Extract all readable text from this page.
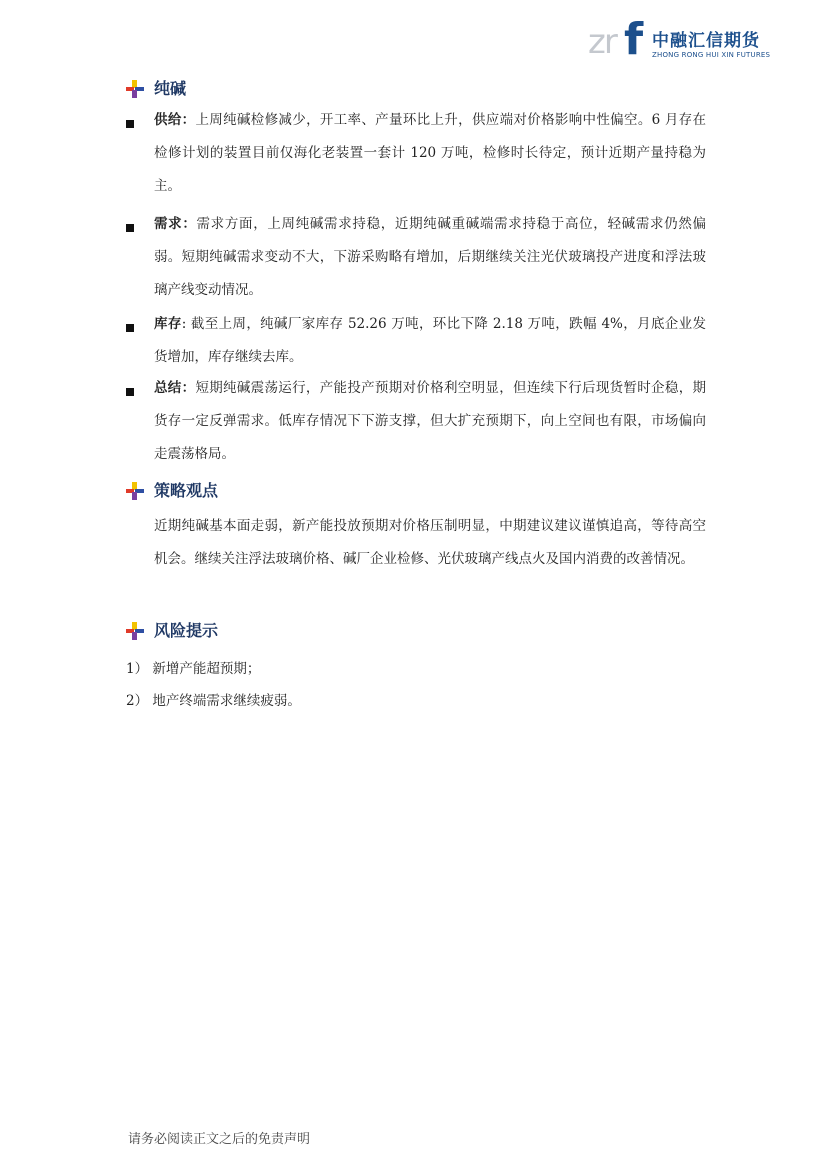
zr f 中融汇信期货
ZHONG RONG HUI XIN FUTURES
纯碱
供给：上周纯碱检修减少，开工率、产量环比上升，供应端对价格影响中性偏空。6 月存在检修计划的装置目前仅海化老装置一套计 120 万吨，检修时长待定，预计近期产量持稳为主。
需求：需求方面，上周纯碱需求持稳，近期纯碱重碱端需求持稳于高位，轻碱需求仍然偏弱。短期纯碱需求变动不大，下游采购略有增加，后期继续关注光伏玻璃投产进度和浮法玻璃产线变动情况。
库存: 截至上周，纯碱厂家库存 52.26 万吨，环比下降 2.18 万吨，跌幅 4%，月底企业发货增加，库存继续去库。
总结：短期纯碱震荡运行，产能投产预期对价格利空明显，但连续下行后现货暂时企稳，期货存一定反弹需求。低库存情况下下游支撑，但大扩充预期下，向上空间也有限，市场偏向走震荡格局。
策略观点
近期纯碱基本面走弱，新产能投放预期对价格压制明显，中期建议建议谨慎追高，等待高空机会。继续关注浮法玻璃价格、碱厂企业检修、光伏玻璃产线点火及国内消费的改善情况。
风险提示
1） 新增产能超预期；
2） 地产终端需求继续疲弱。
请务必阅读正文之后的免责声明
